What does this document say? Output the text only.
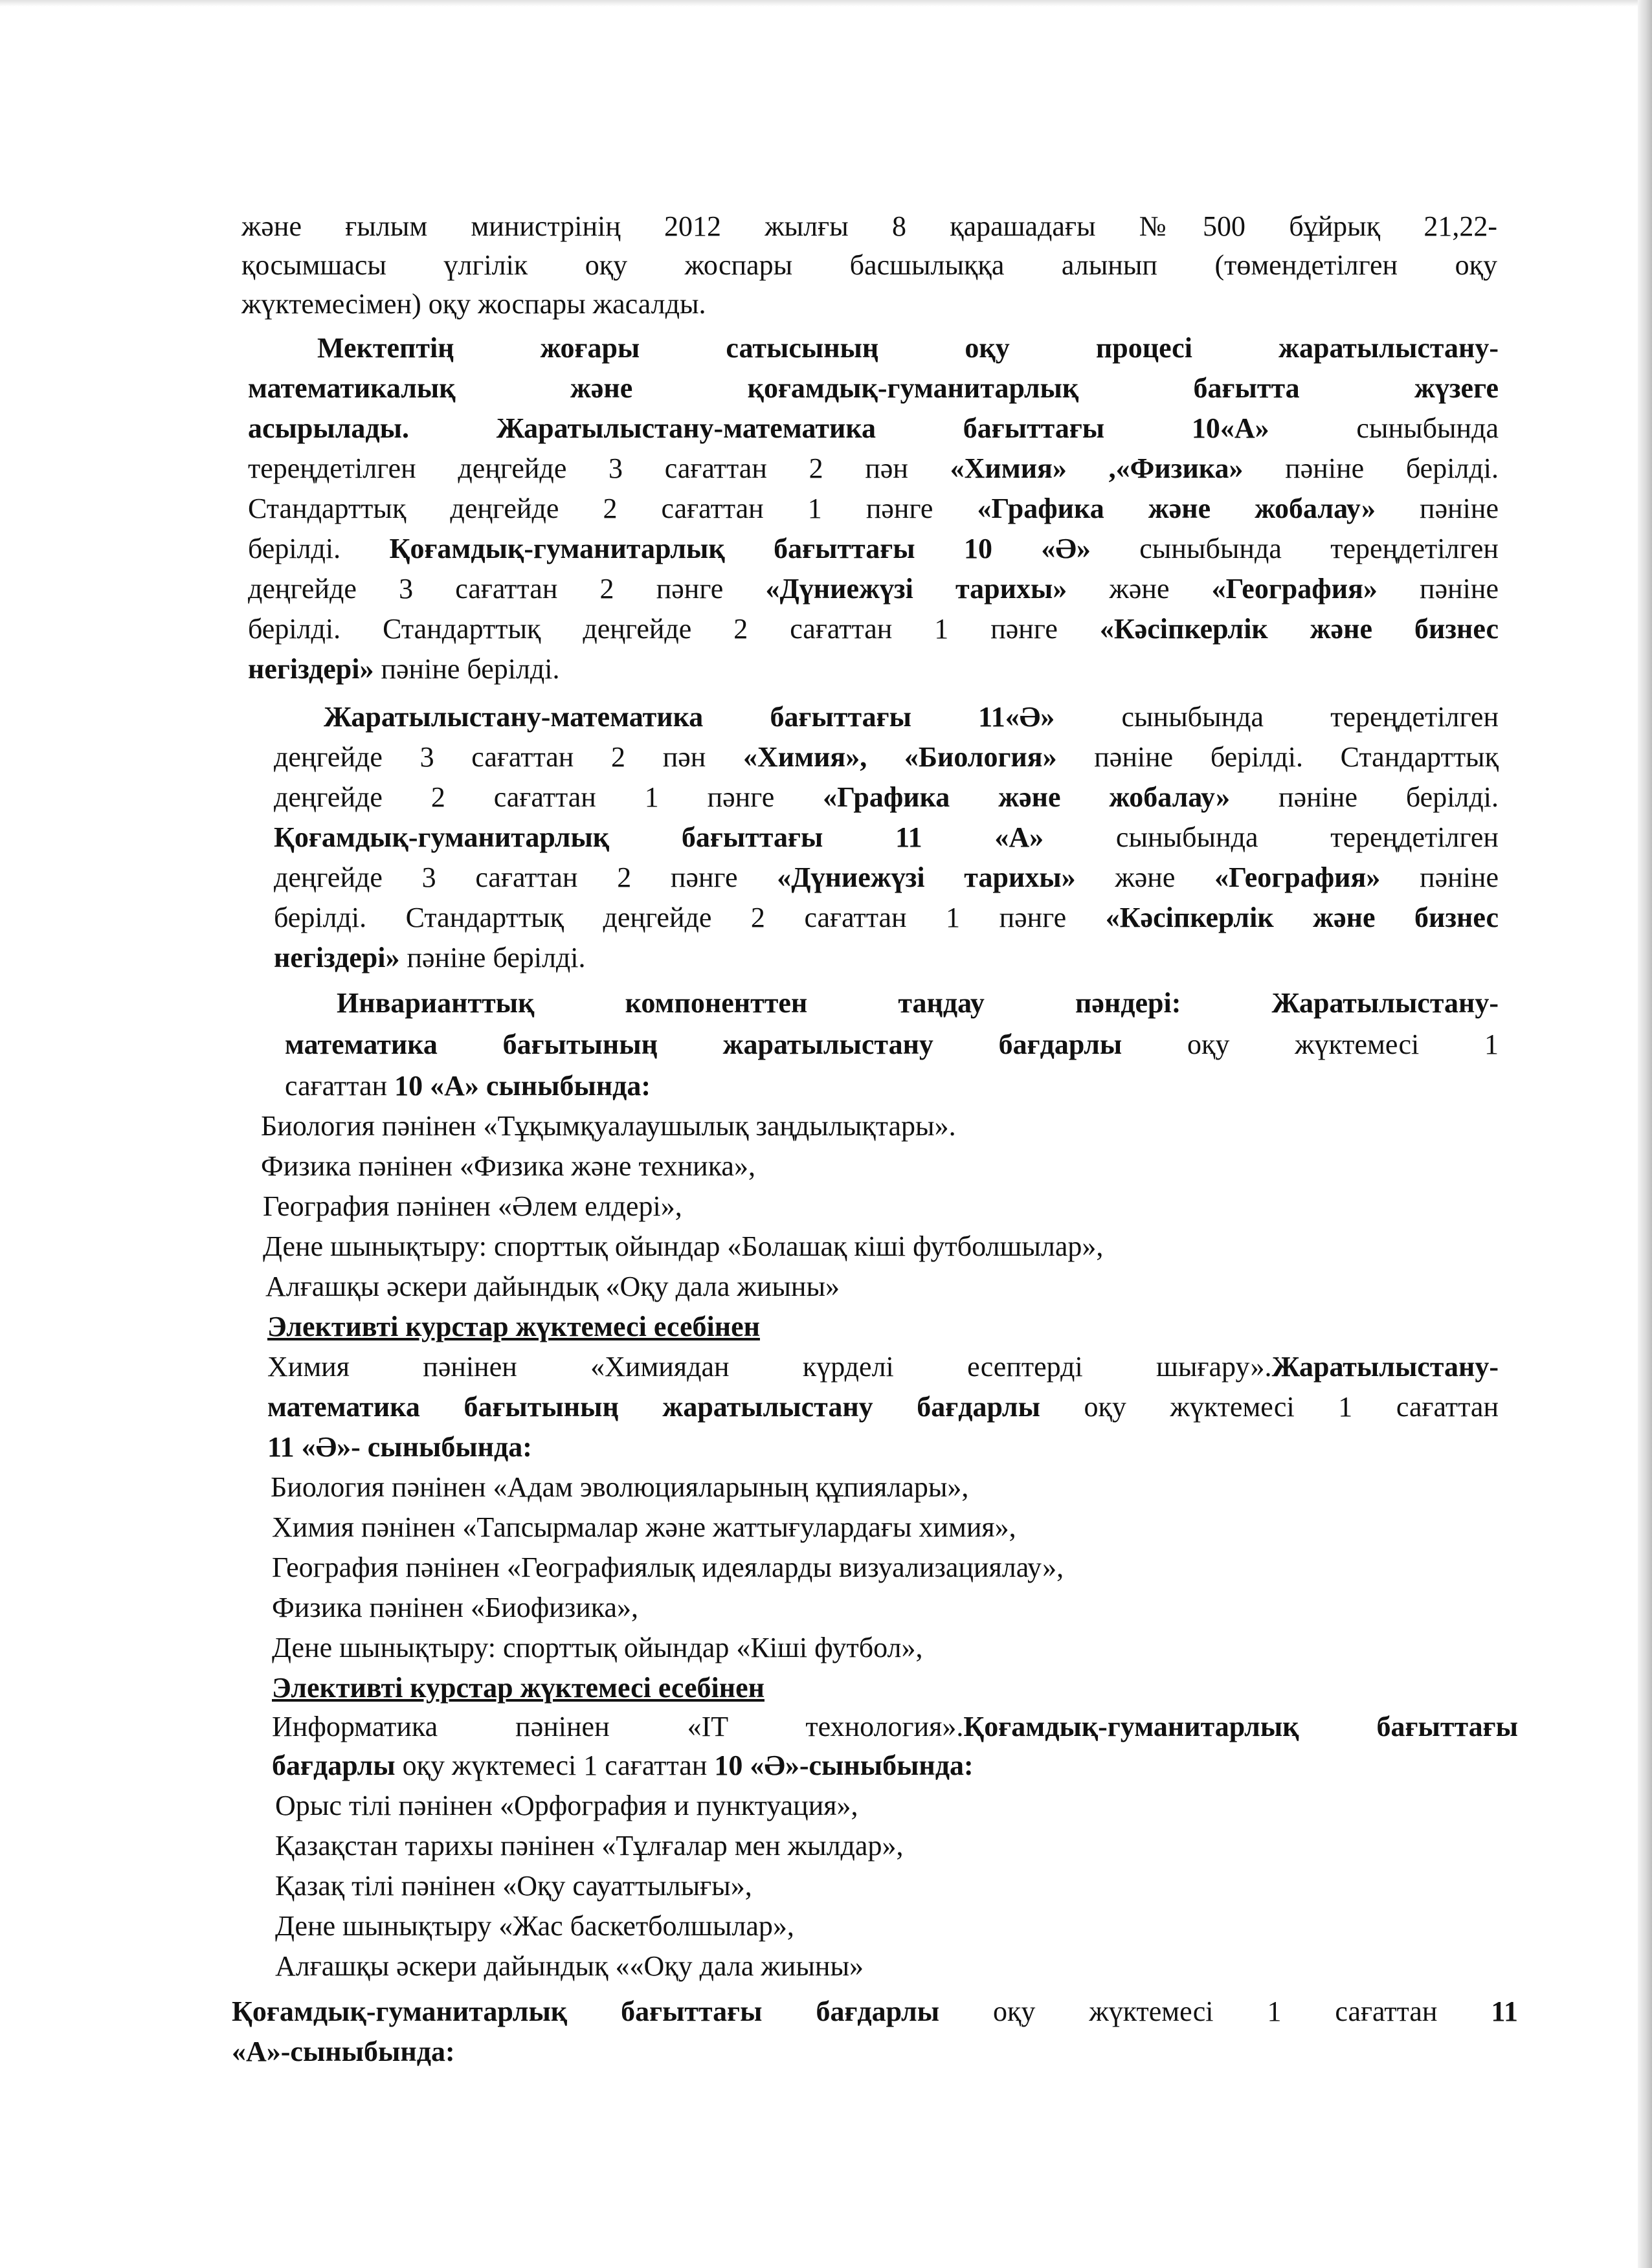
және ғылым министрінің 2012 жылғы 8 қарашадағы №500 бұйрық 21,22-
қосымшасы үлгілік оқу жоспары басшылыққа алынып (төмендетілген оқу
жүктемесімен) оқу жоспары жасалды.
Мектептің жоғары сатысының оқу процесі жаратылыстану-
математикалық және қоғамдық-гуманитарлық бағытта жүзеге
асырылады. Жаратылыстану-математика бағыттағы 10«А» сыныбында
тереңдетілген деңгейде 3 сағаттан 2 пән «Химия» ,«Физика» пәніне берілді.
Стандарттық деңгейде 2 сағаттан 1 пәнге «Графика және жобалау» пәніне
берілді. Қоғамдық-гуманитарлық бағыттағы 10 «Ә» сыныбында тереңдетілген
деңгейде 3 сағаттан 2 пәнге «Дүниежүзі тарихы» және «География» пәніне
берілді. Стандарттық деңгейде 2 сағаттан 1 пәнге «Кәсіпкерлік және бизнес
негіздері» пәніне берілді.
Жаратылыстану-математика бағыттағы 11«Ә» сыныбында тереңдетілген
деңгейде 3 сағаттан 2 пән «Химия», «Биология» пәніне берілді. Стандарттық
деңгейде 2 сағаттан 1 пәнге «Графика және жобалау» пәніне берілді.
Қоғамдық-гуманитарлық бағыттағы 11 «А» сыныбында тереңдетілген
деңгейде 3 сағаттан 2 пәнге «Дүниежүзі тарихы» және «География» пәніне
берілді. Стандарттық деңгейде 2 сағаттан 1 пәнге «Кәсіпкерлік және бизнес
негіздері» пәніне берілді.
Инварианттық компоненттен таңдау пәндері: Жаратылыстану-
математика бағытының жаратылыстану бағдарлы оқу жүктемесі 1
сағаттан 10 «А» сыныбында:
Биология пәнінен «Тұқымқуалаушылық заңдылықтары».
Физика пәнінен «Физика және техника»,
География пәнінен «Әлем елдері»,
Дене шынықтыру: спорттық ойындар «Болашақ кіші футболшылар»,
Алғашқы әскери дайындық «Оқу дала жиыны»
Элективті курстар жүктемесі есебінен
Химия пәнінен «Химиядан күрделі есептерді шығару».Жаратылыстану-
математика бағытының жаратылыстану бағдарлы оқу жүктемесі 1 сағаттан
11 «Ә»- сыныбында:
Биология пәнінен «Адам эволюцияларының құпиялары»,
Химия пәнінен «Тапсырмалар және жаттығулардағы химия»,
География пәнінен «Географиялық идеяларды визуализациялау»,
Физика пәнінен «Биофизика»,
Дене шынықтыру: спорттық ойындар «Кіші футбол»,
Элективті курстар жүктемесі есебінен
Информатика пәнінен «IT технология».Қоғамдық-гуманитарлық бағыттағы
бағдарлы оқу жүктемесі 1 сағаттан 10 «Ә»-сыныбында:
Орыс тілі пәнінен «Орфография и пунктуация»,
Қазақстан тарихы пәнінен «Тұлғалар мен жылдар»,
Қазақ тілі пәнінен «Оқу сауаттылығы»,
Дене шынықтыру «Жас баскетболшылар»,
Алғашқы әскери дайындық ««Оқу дала жиыны»
Қоғамдық-гуманитарлық бағыттағы бағдарлы оқу жүктемесі 1 сағаттан 11
«А»-сыныбында:
